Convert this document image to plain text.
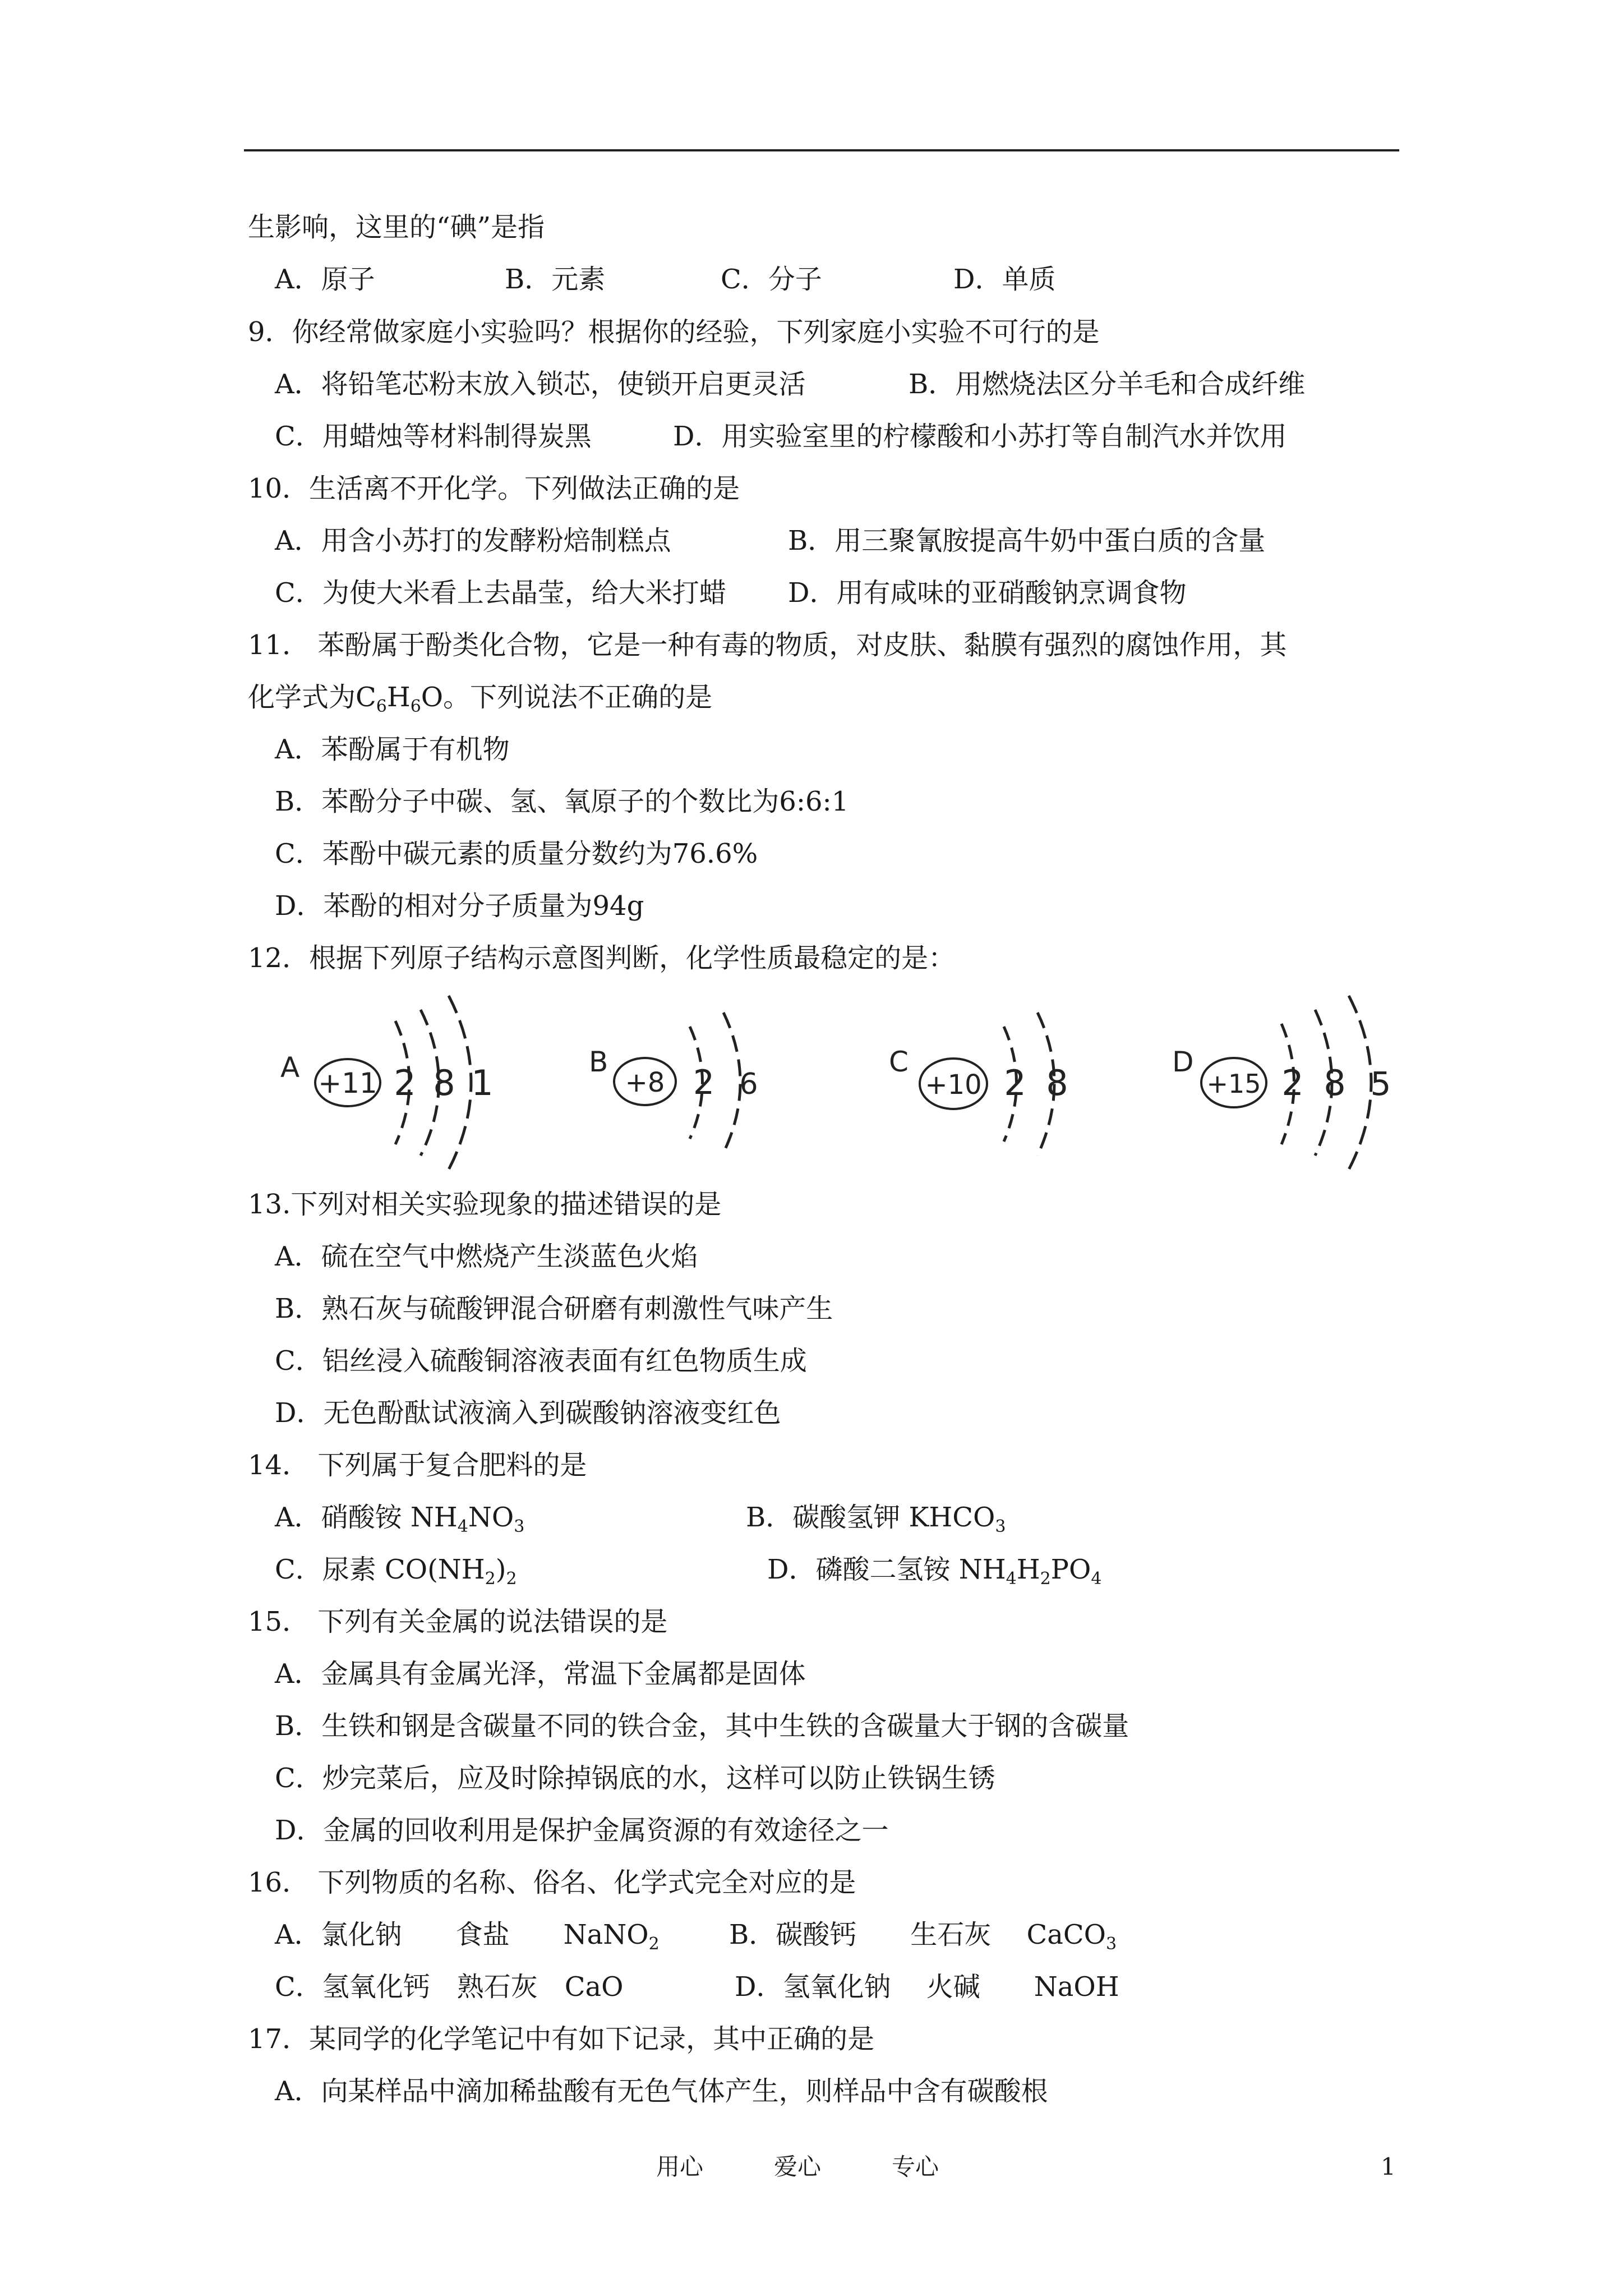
生影响，这里的“碘”是指
A．原子	B．元素	C．分子	D．单质
9．你经常做家庭小实验吗？根据你的经验，下列家庭小实验不可行的是
A．将铅笔芯粉末放入锁芯，使锁开启更灵活	B．用燃烧法区分羊毛和合成纤维
C．用蜡烛等材料制得炭黑	D．用实验室里的柠檬酸和小苏打等自制汽水并饮用
10．生活离不开化学。下列做法正确的是
A．用含小苏打的发酵粉焙制糕点	B．用三聚氰胺提高牛奶中蛋白质的含量
C．为使大米看上去晶莹，给大米打蜡 D．用有咸味的亚硝酸钠烹调食物
11． 苯酚属于酚类化合物，它是一种有毒的物质，对皮肤、黏膜有强烈的腐蚀作用，其
化学式为$C_6H_6O$。下列说法不正确的是
A．苯酚属于有机物
B．苯酚分子中碳、氢、氧原子的个数比为6:6:1
C．苯酚中碳元素的质量分数约为76.6%
D．苯酚的相对分子质量为94g
12．根据下列原子结构示意图判断，化学性质最稳定的是：
A +11 2 8 1
B
+8 2 6
C
+10 2 8
D
+15 2 8 5
13.下列对相关实验现象的描述错误的是
A．硫在空气中燃烧产生淡蓝色火焰
B．熟石灰与硫酸钾混合研磨有刺激性气味产生
C．铝丝浸入硫酸铜溶液表面有红色物质生成
D．无色酚酞试液滴入到碳酸钠溶液变红色
14． 下列属于复合肥料的是
A．硝酸铵 $NH_4NO_3$	B．碳酸氢钾 $KHCO_3$
C．尿素 $CO(NH_2)_2$	D．磷酸二氢铵 $NH_4H_2PO_4$
15． 下列有关金属的说法错误的是
A．金属具有金属光泽，常温下金属都是固体
B．生铁和钢是含碳量不同的铁合金，其中生铁的含碳量大于钢的含碳量
C．炒完菜后，应及时除掉锅底的水，这样可以防止铁锅生锈
D．金属的回收利用是保护金属资源的有效途径之一
16． 下列物质的名称、俗名、化学式完全对应的是
A．氯化钠　　食盐　　NaNO$_2$	B．碳酸钙　　生石灰　 CaCO$_3$
C．氢氧化钙　熟石灰　CaO	D．氢氧化钠　 火碱　　NaOH
17．某同学的化学笔记中有如下记录，其中正确的是
A．向某样品中滴加稀盐酸有无色气体产生，则样品中含有碳酸根
用心　　　爱心　　　专心	1
